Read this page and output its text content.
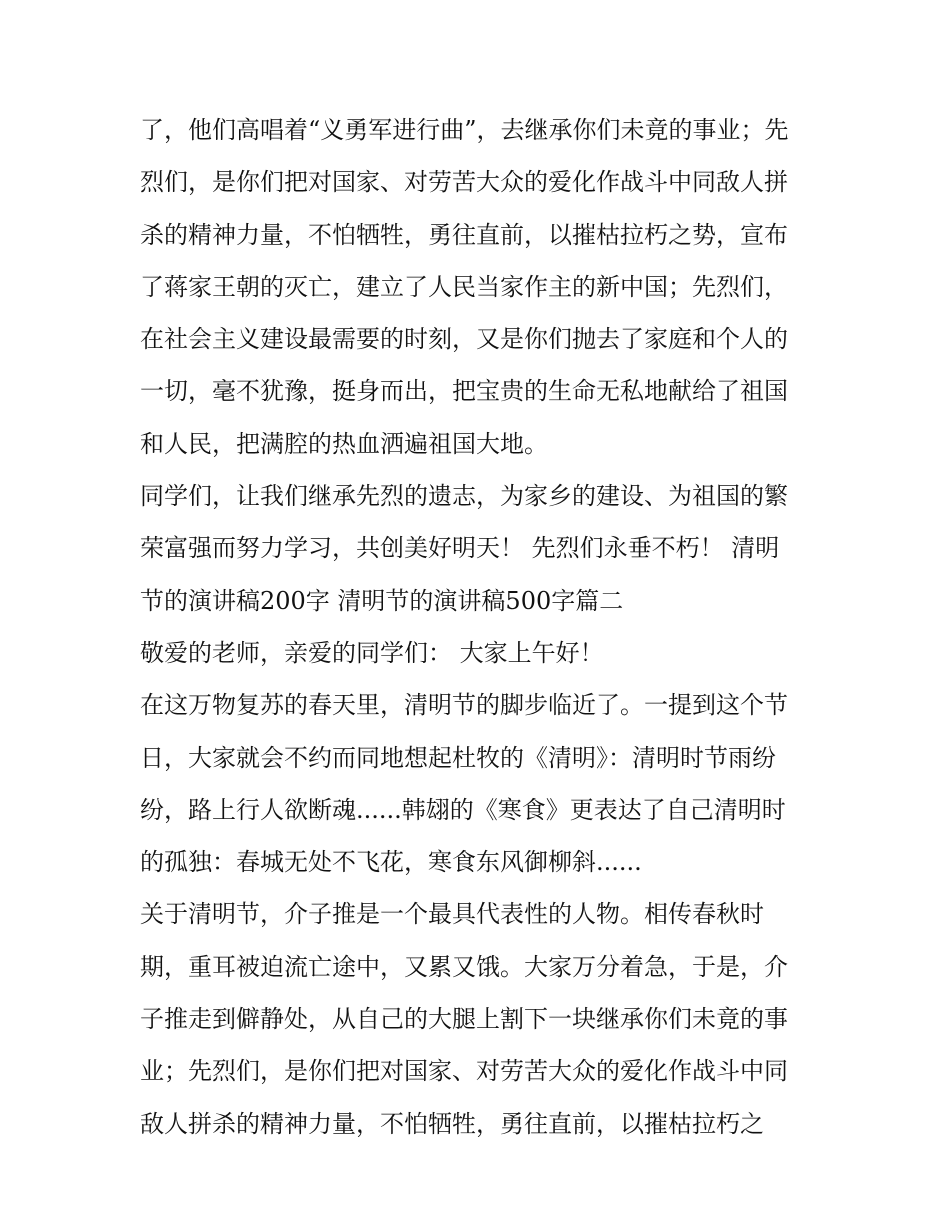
了，他们高唱着“义勇军进行曲”，去继承你们未竟的事业；先
烈们，是你们把对国家、对劳苦大众的爱化作战斗中同敌人拼
杀的精神力量，不怕牺牲，勇往直前，以摧枯拉朽之势，宣布
了蒋家王朝的灭亡，建立了人民当家作主的新中国；先烈们，
在社会主义建设最需要的时刻，又是你们抛去了家庭和个人的
一切，毫不犹豫，挺身而出，把宝贵的生命无私地献给了祖国
和人民，把满腔的热血洒遍祖国大地。
同学们，让我们继承先烈的遗志，为家乡的建设、为祖国的繁
荣富强而努力学习，共创美好明天！ 先烈们永垂不朽！ 清明
节的演讲稿200字 清明节的演讲稿500字篇二
敬爱的老师，亲爱的同学们： 大家上午好！
在这万物复苏的春天里，清明节的脚步临近了。一提到这个节
日，大家就会不约而同地想起杜牧的《清明》：清明时节雨纷
纷，路上行人欲断魂......韩翃的《寒食》更表达了自己清明时
的孤独：春城无处不飞花，寒食东风御柳斜......
关于清明节，介子推是一个最具代表性的人物。相传春秋时
期，重耳被迫流亡途中，又累又饿。大家万分着急，于是，介
子推走到僻静处，从自己的大腿上割下一块继承你们未竟的事
业；先烈们，是你们把对国家、对劳苦大众的爱化作战斗中同
敌人拼杀的精神力量，不怕牺牲，勇往直前，以摧枯拉朽之
